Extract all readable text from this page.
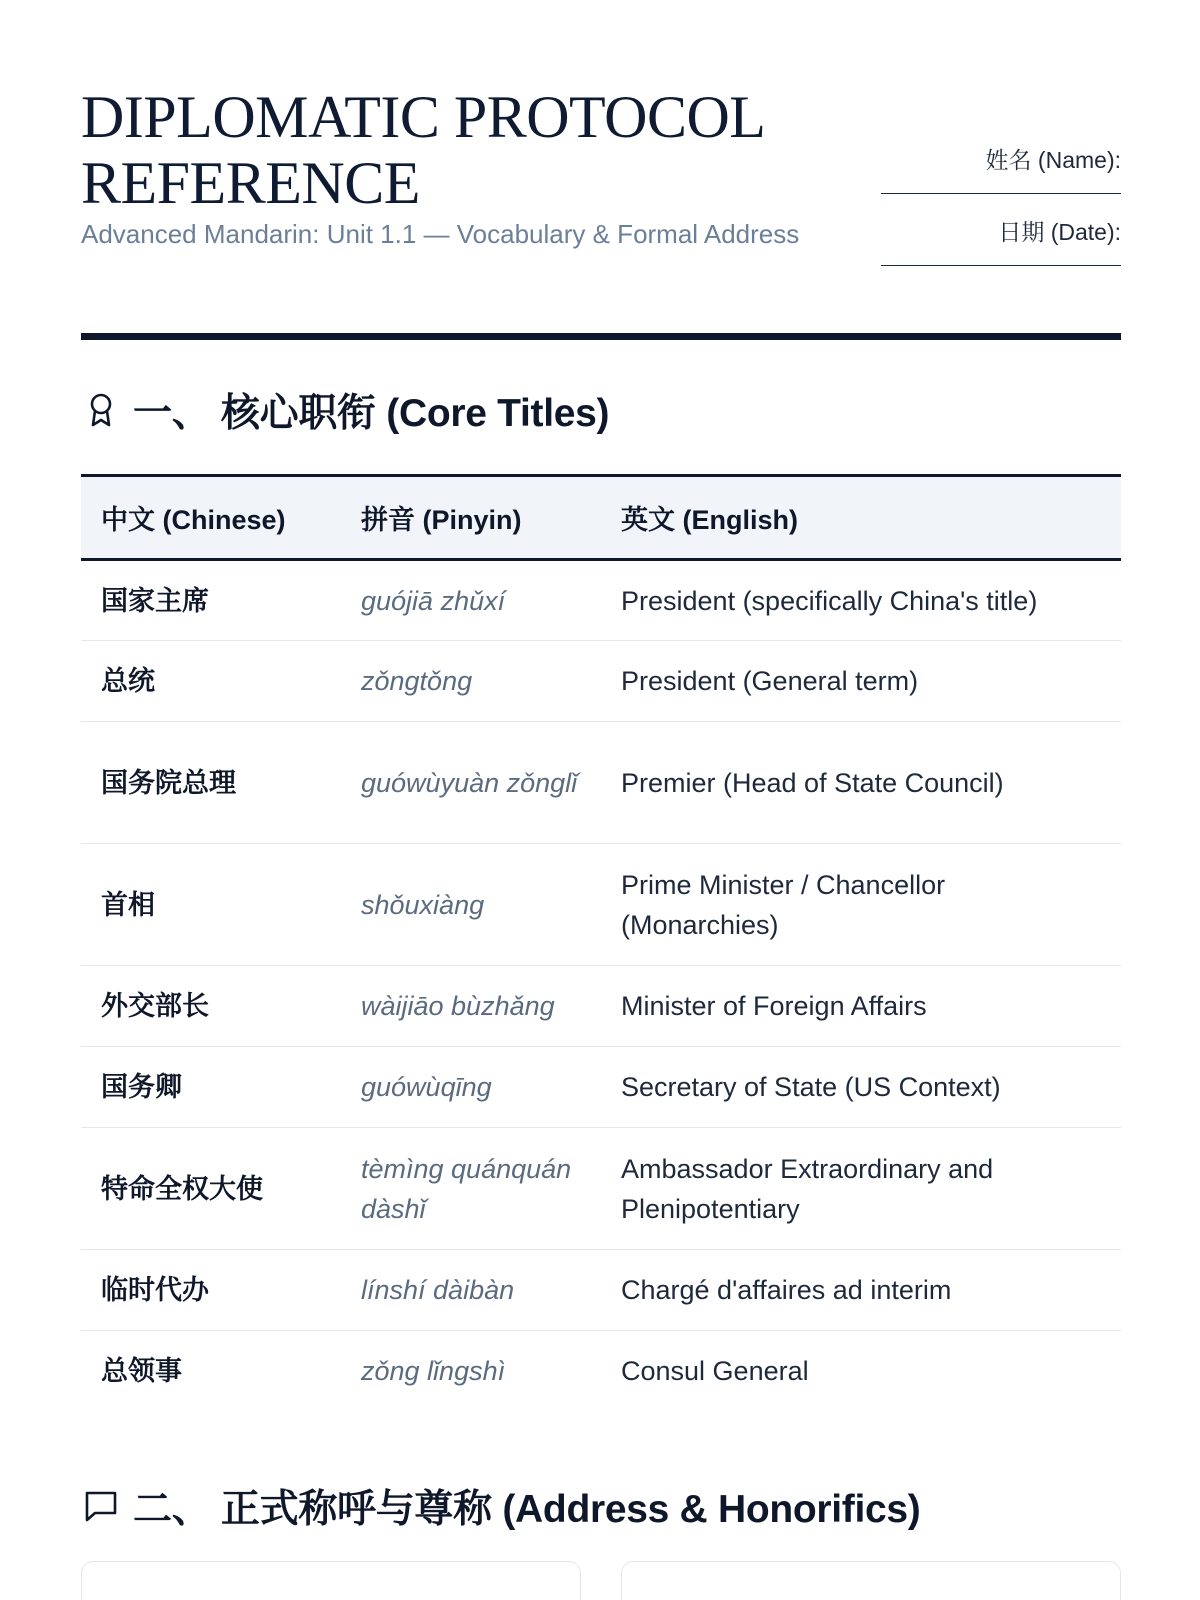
DIPLOMATIC PROTOCOL REFERENCE
Advanced Mandarin: Unit 1.1 — Vocabulary & Formal Address
姓名 (Name):
日期 (Date):
一、 核心职衔 (Core Titles)
中文 (Chinese)	拼音 (Pinyin)	英文 (English)
国家主席	guójiā zhǔxí	President (specifically China's title)
总统	zǒngtǒng	President (General term)
国务院总理	guówùyuàn zǒnglǐ	Premier (Head of State Council)
首相	shǒuxiàng	Prime Minister / Chancellor (Monarchies)
外交部长	wàijiāo bùzhǎng	Minister of Foreign Affairs
国务卿	guówùqīng	Secretary of State (US Context)
特命全权大使	tèmìng quánquán dàshǐ	Ambassador Extraordinary and Plenipotentiary
临时代办	línshí dàibàn	Chargé d'affaires ad interim
总领事	zǒng lǐngshì	Consul General
二、 正式称呼与尊称 (Address & Honorifics)
